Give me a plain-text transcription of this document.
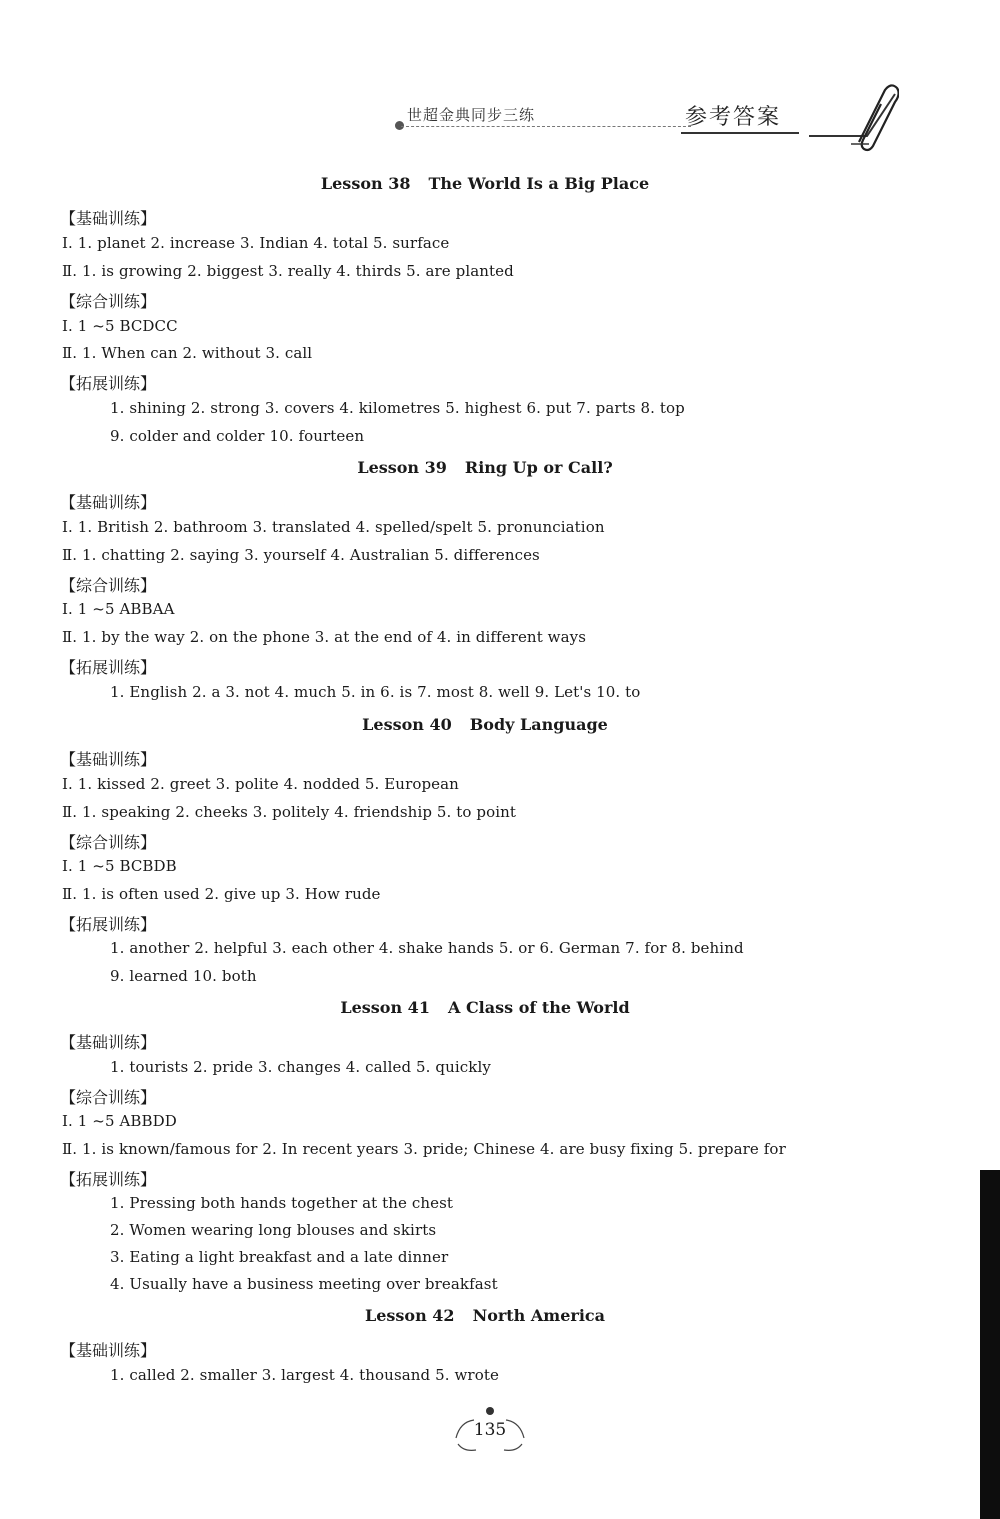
世超金典同步三练	参考答案
Lesson 38 The World Is a Big Place
【基础训练】
Ⅰ. 1. planet 2. increase 3. Indian 4. total 5. surface
Ⅱ. 1. is growing 2. biggest 3. really 4. thirds 5. are planted
【综合训练】
Ⅰ. 1 ~5 BCDCC
Ⅱ. 1. When can 2. without 3. call
【拓展训练】
1. shining 2. strong 3. covers 4. kilometres 5. highest 6. put 7. parts 8. top
9. colder and colder 10. fourteen
Lesson 39 Ring Up or Call?
【基础训练】
Ⅰ. 1. British 2. bathroom 3. translated 4. spelled/spelt 5. pronunciation
Ⅱ. 1. chatting 2. saying 3. yourself 4. Australian 5. differences
【综合训练】
Ⅰ. 1 ~5 ABBAA
Ⅱ. 1. by the way 2. on the phone 3. at the end of 4. in different ways
【拓展训练】
1. English 2. a 3. not 4. much 5. in 6. is 7. most 8. well 9. Let's 10. to
Lesson 40 Body Language
【基础训练】
Ⅰ. 1. kissed 2. greet 3. polite 4. nodded 5. European
Ⅱ. 1. speaking 2. cheeks 3. politely 4. friendship 5. to point
【综合训练】
Ⅰ. 1 ~5 BCBDB
Ⅱ. 1. is often used 2. give up 3. How rude
【拓展训练】
1. another 2. helpful 3. each other 4. shake hands 5. or 6. German 7. for 8. behind
9. learned 10. both
Lesson 41 A Class of the World
【基础训练】
1. tourists 2. pride 3. changes 4. called 5. quickly
【综合训练】
Ⅰ. 1 ~5 ABBDD
Ⅱ. 1. is known/famous for 2. In recent years 3. pride; Chinese 4. are busy fixing 5. prepare for
【拓展训练】
1. Pressing both hands together at the chest
2. Women wearing long blouses and skirts
3. Eating a light breakfast and a late dinner
4. Usually have a business meeting over breakfast
Lesson 42 North America
【基础训练】
1. called 2. smaller 3. largest 4. thousand 5. wrote
135
